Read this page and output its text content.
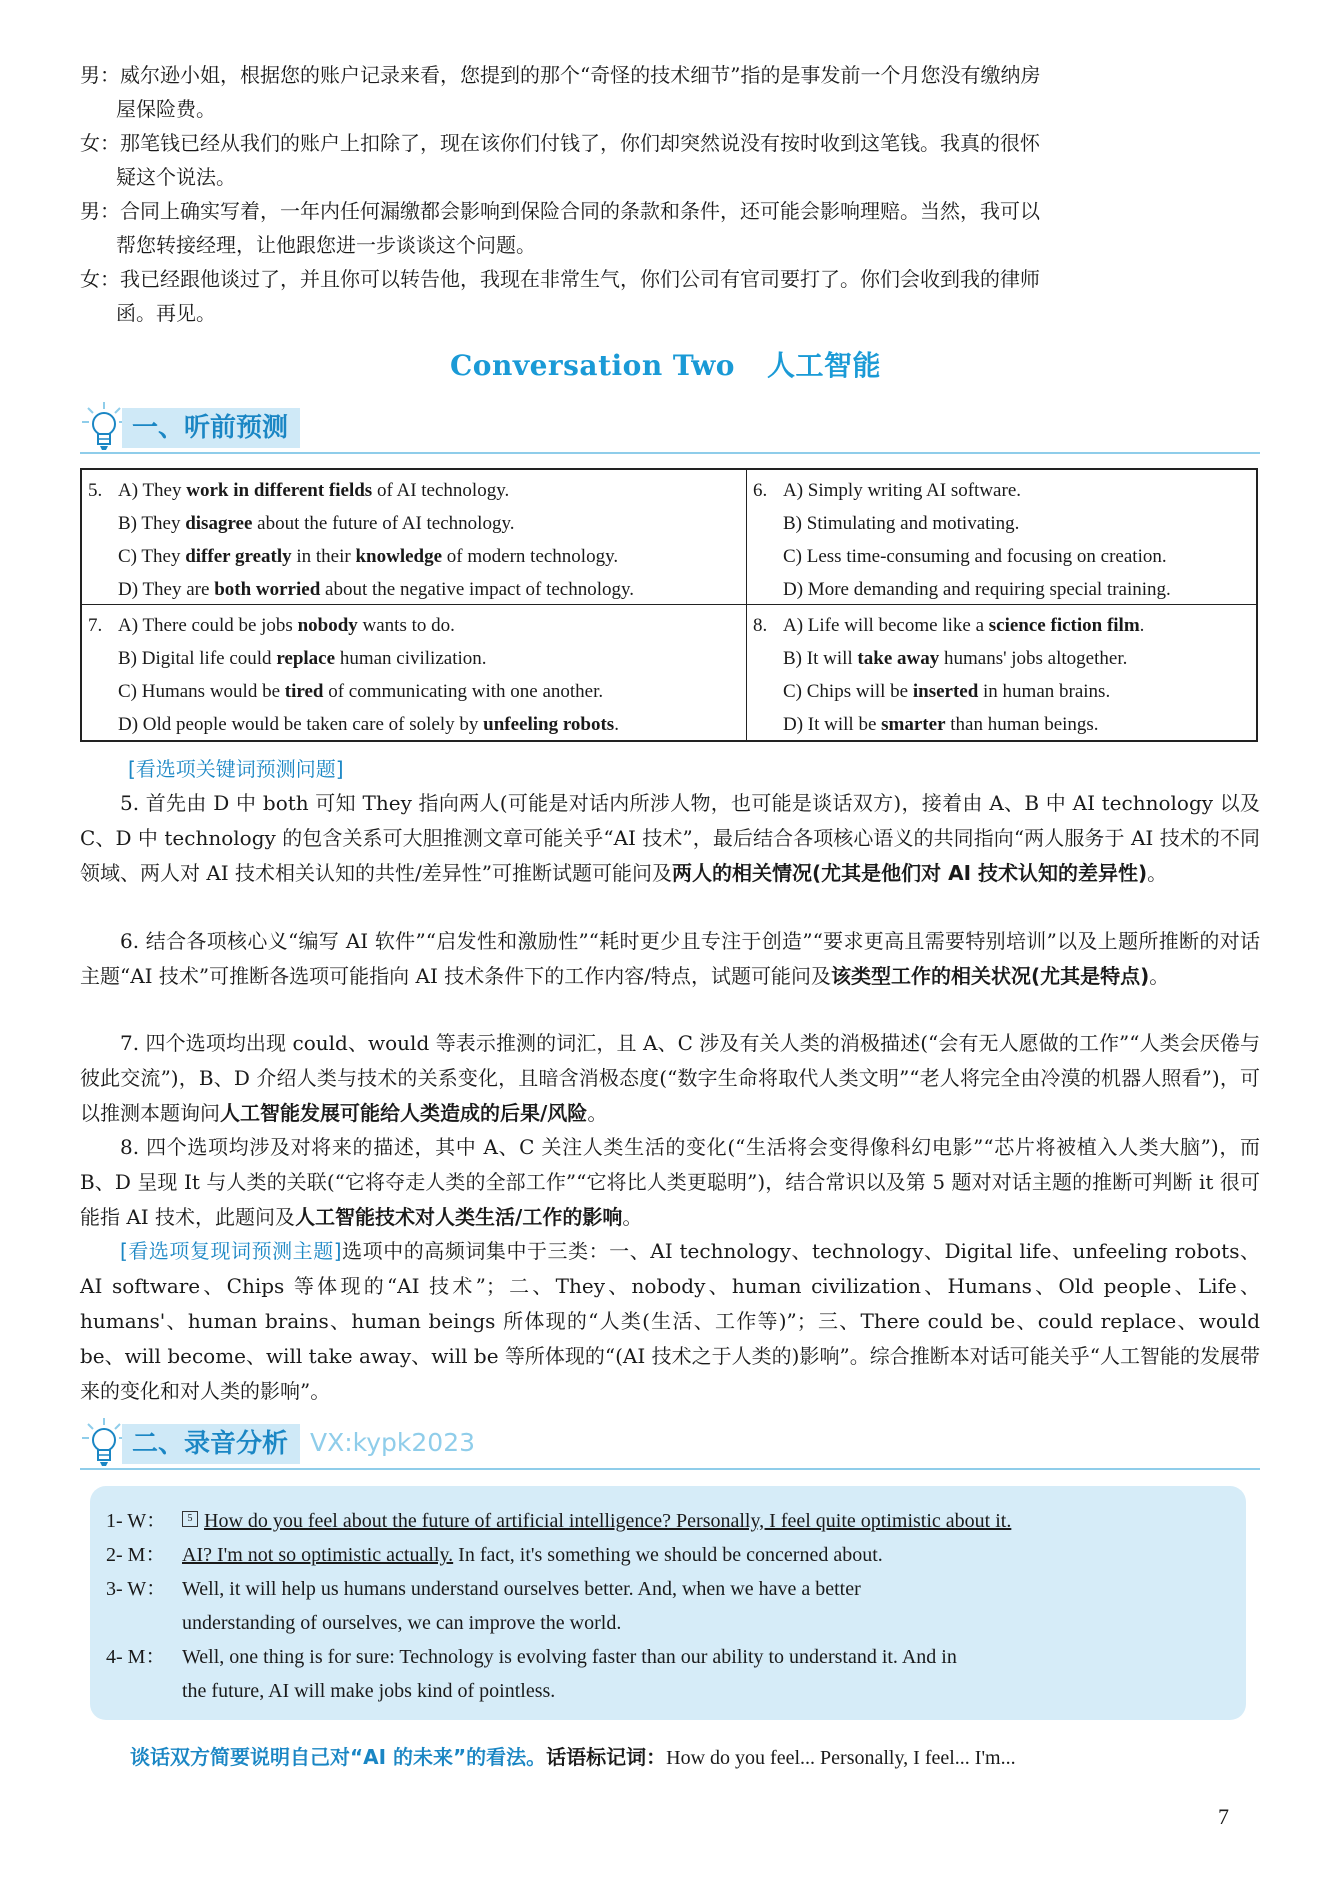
男：威尔逊小姐，根据您的账户记录来看，您提到的那个“奇怪的技术细节”指的是事发前一个月您没有缴纳房
屋保险费。
女：那笔钱已经从我们的账户上扣除了，现在该你们付钱了，你们却突然说没有按时收到这笔钱。我真的很怀
疑这个说法。
男：合同上确实写着，一年内任何漏缴都会影响到保险合同的条款和条件，还可能会影响理赔。当然，我可以
帮您转接经理，让他跟您进一步谈谈这个问题。
女：我已经跟他谈过了，并且你可以转告他，我现在非常生气，你们公司有官司要打了。你们会收到我的律师
函。再见。
Conversation Two 人工智能
一、听前预测
5. A) They work in different fields of AI technology.
B) They disagree about the future of AI technology.
C) They differ greatly in their knowledge of modern technology.
D) They are both worried about the negative impact of technology.
6. A) Simply writing AI software.
B) Stimulating and motivating.
C) Less time-consuming and focusing on creation.
D) More demanding and requiring special training.
7. A) There could be jobs nobody wants to do.
B) Digital life could replace human civilization.
C) Humans would be tired of communicating with one another.
D) Old people would be taken care of solely by unfeeling robots.
8. A) Life will become like a science fiction film.
B) It will take away humans' jobs altogether.
C) Chips will be inserted in human brains.
D) It will be smarter than human beings.
[看选项关键词预测问题]
5. 首先由 D 中 both 可知 They 指向两人(可能是对话内所涉人物，也可能是谈话双方)，接着由 A、B 中 AI technology 以及 C、D 中 technology 的包含关系可大胆推测文章可能关乎“AI 技术”，最后结合各项核心语义的共同指向“两人服务于 AI 技术的不同领域、两人对 AI 技术相关认知的共性/差异性”可推断试题可能问及两人的相关情况(尤其是他们对 AI 技术认知的差异性)。
6. 结合各项核心义“编写 AI 软件”“启发性和激励性”“耗时更少且专注于创造”“要求更高且需要特别培训”以及上题所推断的对话主题“AI 技术”可推断各选项可能指向 AI 技术条件下的工作内容/特点，试题可能问及该类型工作的相关状况(尤其是特点)。
7. 四个选项均出现 could、would 等表示推测的词汇，且 A、C 涉及有关人类的消极描述(“会有无人愿做的工作”“人类会厌倦与彼此交流”)，B、D 介绍人类与技术的关系变化，且暗含消极态度(“数字生命将取代人类文明”“老人将完全由冷漠的机器人照看”)，可以推测本题询问人工智能发展可能给人类造成的后果/风险。
8. 四个选项均涉及对将来的描述，其中 A、C 关注人类生活的变化(“生活将会变得像科幻电影”“芯片将被植入人类大脑”)，而 B、D 呈现 It 与人类的关联(“它将夺走人类的全部工作”“它将比人类更聪明”)，结合常识以及第 5 题对对话主题的推断可判断 it 很可能指 AI 技术，此题问及人工智能技术对人类生活/工作的影响。
[看选项复现词预测主题]选项中的高频词集中于三类：一、AI technology、technology、Digital life、unfeeling robots、AI software、Chips 等体现的“AI 技术”；二、They、nobody、human civilization、Humans、Old people、Life、humans'、human brains、human beings 所体现的“人类(生活、工作等)”；三、There could be、could replace、would be、will become、will take away、will be 等所体现的“(AI 技术之于人类的)影响”。综合推断本对话可能关乎“人工智能的发展带来的变化和对人类的影响”。
二、录音分析 VX:kypk2023
1- W： 5 How do you feel about the future of artificial intelligence? Personally, I feel quite optimistic about it.
2- M： AI? I'm not so optimistic actually. In fact, it's something we should be concerned about.
3- W： Well, it will help us humans understand ourselves better. And, when we have a better
understanding of ourselves, we can improve the world.
4- M： Well, one thing is for sure: Technology is evolving faster than our ability to understand it. And in
the future, AI will make jobs kind of pointless.
谈话双方简要说明自己对“AI 的未来”的看法。话语标记词：How do you feel... Personally, I feel... I'm...
7
